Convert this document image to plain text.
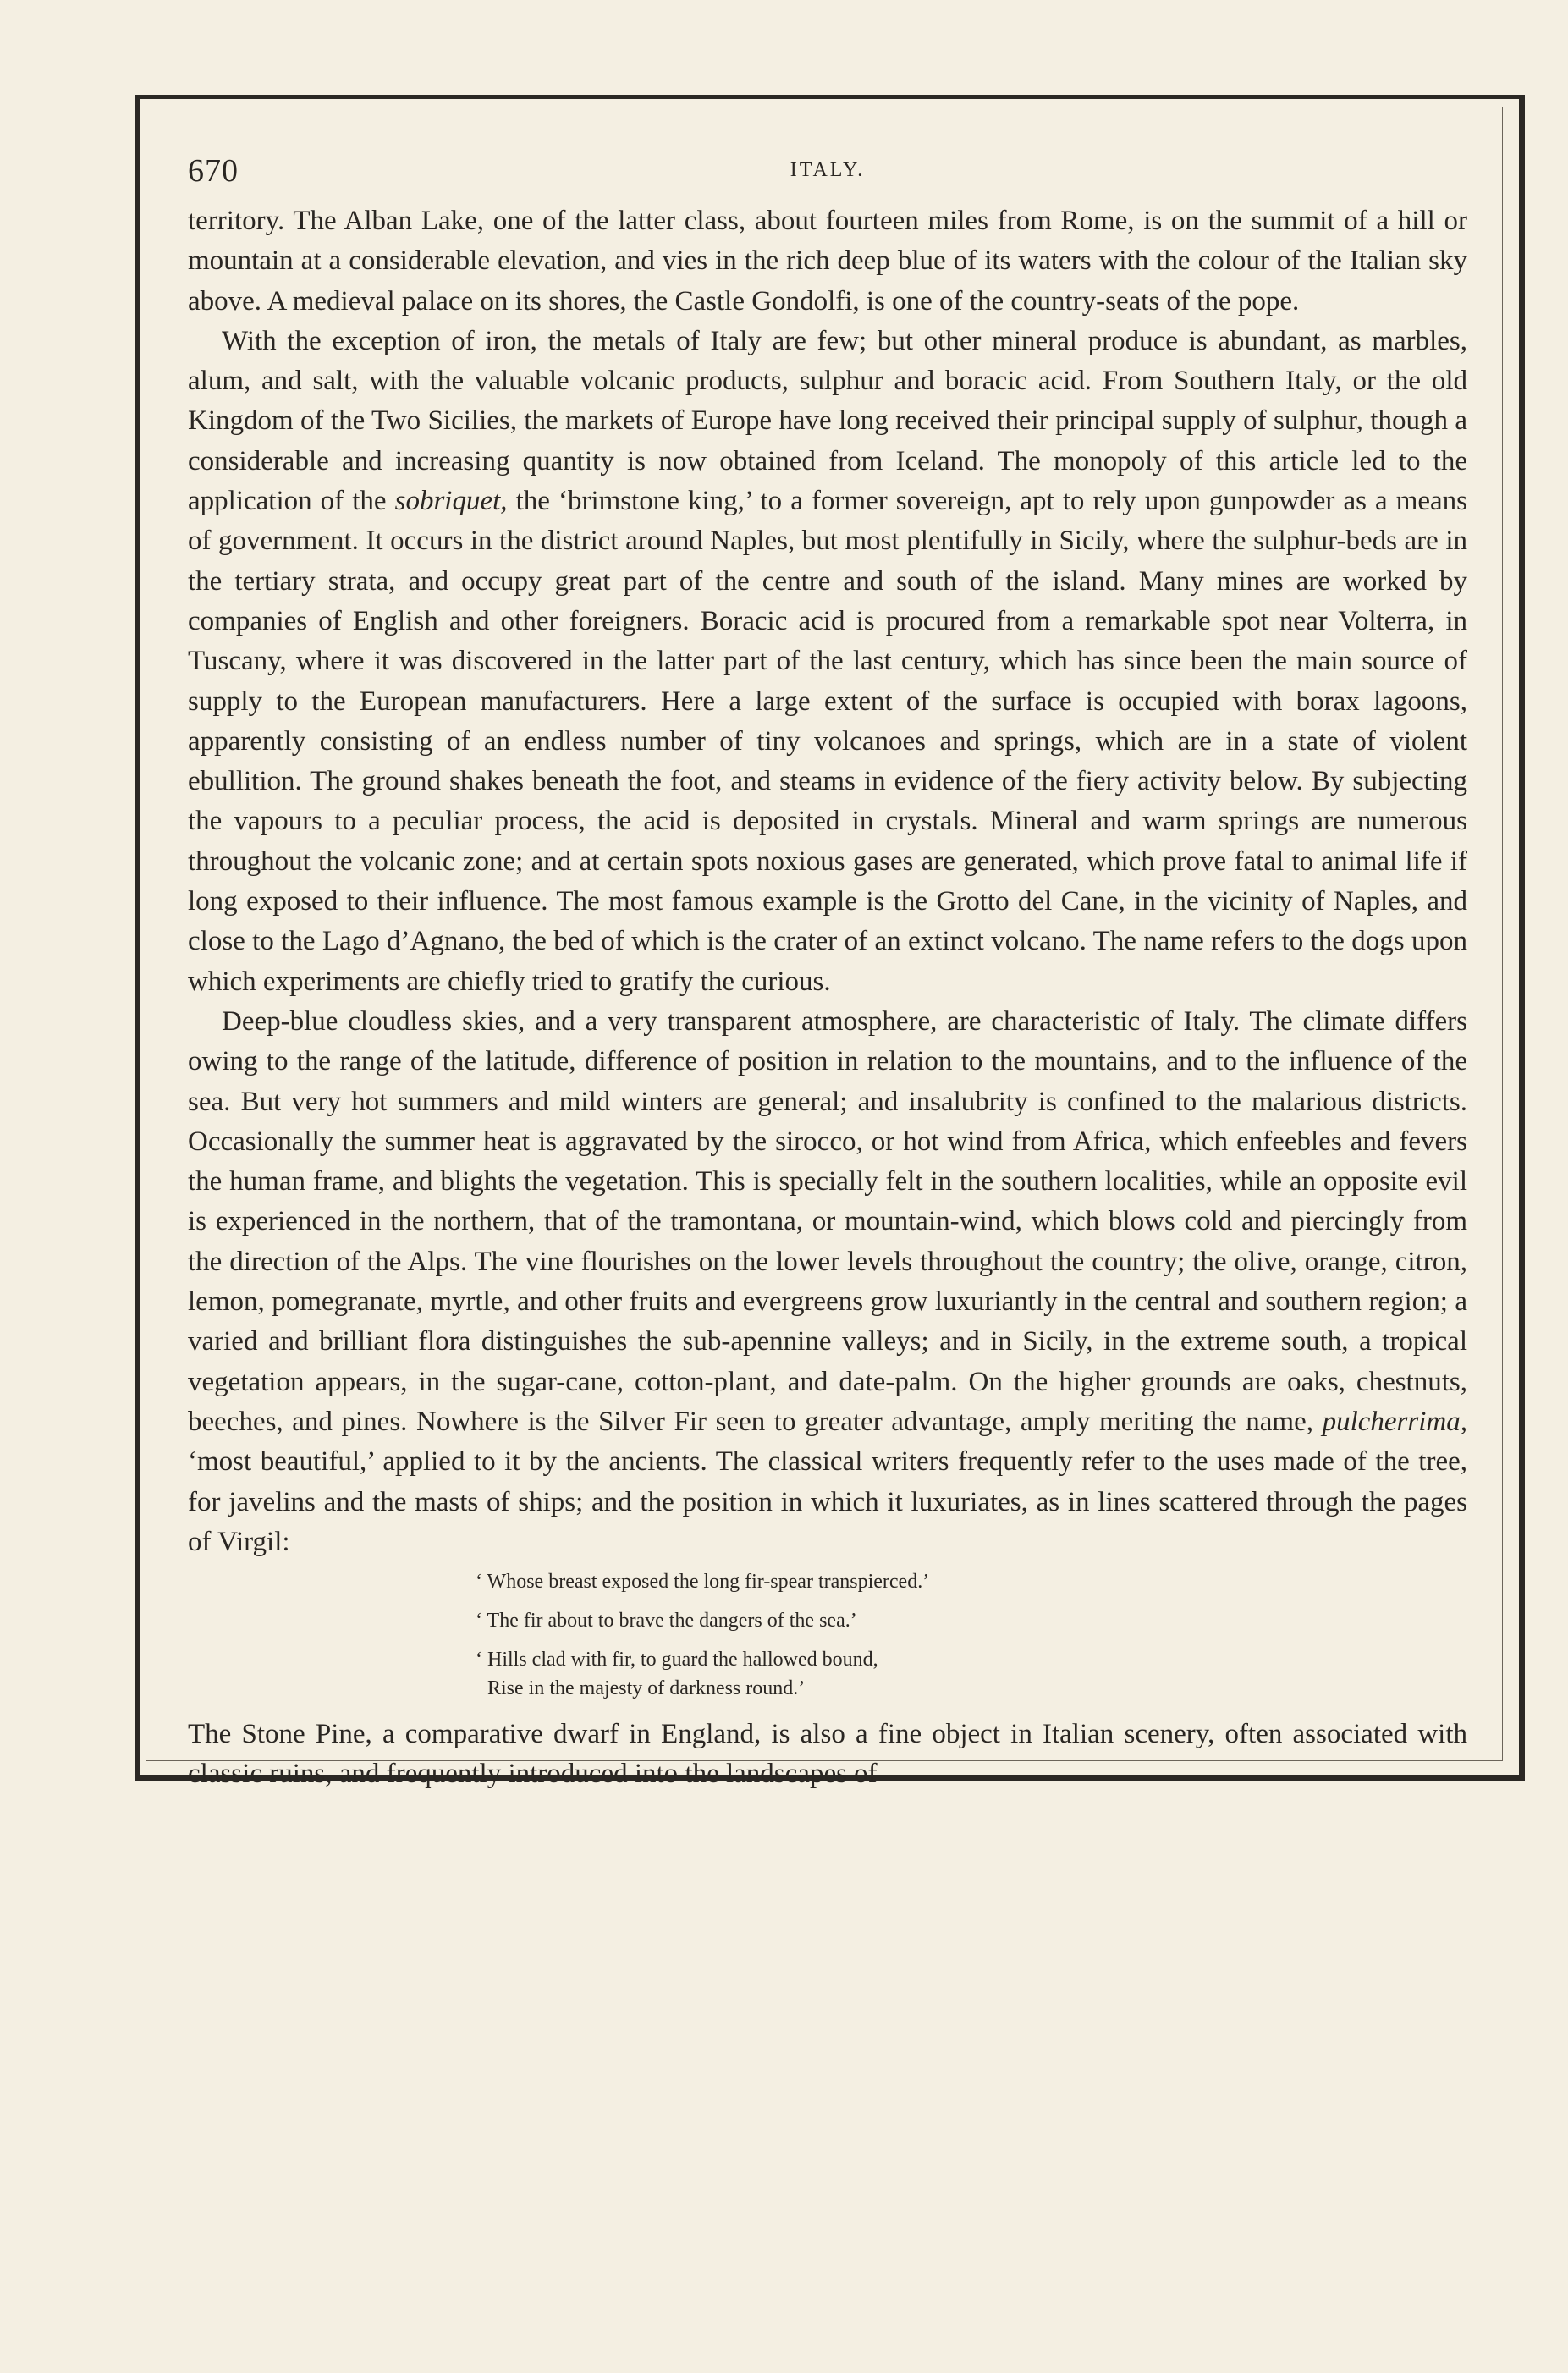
670	ITALY.

territory. The Alban Lake, one of the latter class, about fourteen miles from Rome, is on the summit of a hill or mountain at a considerable elevation, and vies in the rich deep blue of its waters with the colour of the Italian sky above. A medieval palace on its shores, the Castle Gondolfi, is one of the country-seats of the pope.

With the exception of iron, the metals of Italy are few; but other mineral produce is abundant, as marbles, alum, and salt, with the valuable volcanic products, sulphur and boracic acid. From Southern Italy, or the old Kingdom of the Two Sicilies, the markets of Europe have long received their principal supply of sulphur, though a considerable and increasing quantity is now obtained from Iceland. The monopoly of this article led to the application of the sobriquet, the ‘brimstone king,’ to a former sovereign, apt to rely upon gunpowder as a means of government. It occurs in the district around Naples, but most plentifully in Sicily, where the sulphur-beds are in the tertiary strata, and occupy great part of the centre and south of the island. Many mines are worked by companies of English and other foreigners. Boracic acid is procured from a remarkable spot near Volterra, in Tuscany, where it was discovered in the latter part of the last century, which has since been the main source of supply to the European manufacturers. Here a large extent of the surface is occupied with borax lagoons, apparently consisting of an endless number of tiny volcanoes and springs, which are in a state of violent ebullition. The ground shakes beneath the foot, and steams in evidence of the fiery activity below. By subjecting the vapours to a peculiar process, the acid is deposited in crystals. Mineral and warm springs are numerous throughout the volcanic zone; and at certain spots noxious gases are generated, which prove fatal to animal life if long exposed to their influence. The most famous example is the Grotto del Cane, in the vicinity of Naples, and close to the Lago d’Agnano, the bed of which is the crater of an extinct volcano. The name refers to the dogs upon which experiments are chiefly tried to gratify the curious.

Deep-blue cloudless skies, and a very transparent atmosphere, are characteristic of Italy. The climate differs owing to the range of the latitude, difference of position in relation to the mountains, and to the influence of the sea. But very hot summers and mild winters are general; and insalubrity is confined to the malarious districts. Occasionally the summer heat is aggravated by the sirocco, or hot wind from Africa, which enfeebles and fevers the human frame, and blights the vegetation. This is specially felt in the southern localities, while an opposite evil is experienced in the northern, that of the tramontana, or mountain-wind, which blows cold and piercingly from the direction of the Alps. The vine flourishes on the lower levels throughout the country; the olive, orange, citron, lemon, pomegranate, myrtle, and other fruits and evergreens grow luxuriantly in the central and southern region; a varied and brilliant flora distinguishes the sub-apennine valleys; and in Sicily, in the extreme south, a tropical vegetation appears, in the sugar-cane, cotton-plant, and date-palm. On the higher grounds are oaks, chestnuts, beeches, and pines. Nowhere is the Silver Fir seen to greater advantage, amply meriting the name, pulcherrima, ‘most beautiful,’ applied to it by the ancients. The classical writers frequently refer to the uses made of the tree, for javelins and the masts of ships; and the position in which it luxuriates, as in lines scattered through the pages of Virgil:

‘ Whose breast exposed the long fir-spear transpierced.’
‘ The fir about to brave the dangers of the sea.’
‘ Hills clad with fir, to guard the hallowed bound,
Rise in the majesty of darkness round.’

The Stone Pine, a comparative dwarf in England, is also a fine object in Italian scenery, often associated with classic ruins, and frequently introduced into the landscapes of
